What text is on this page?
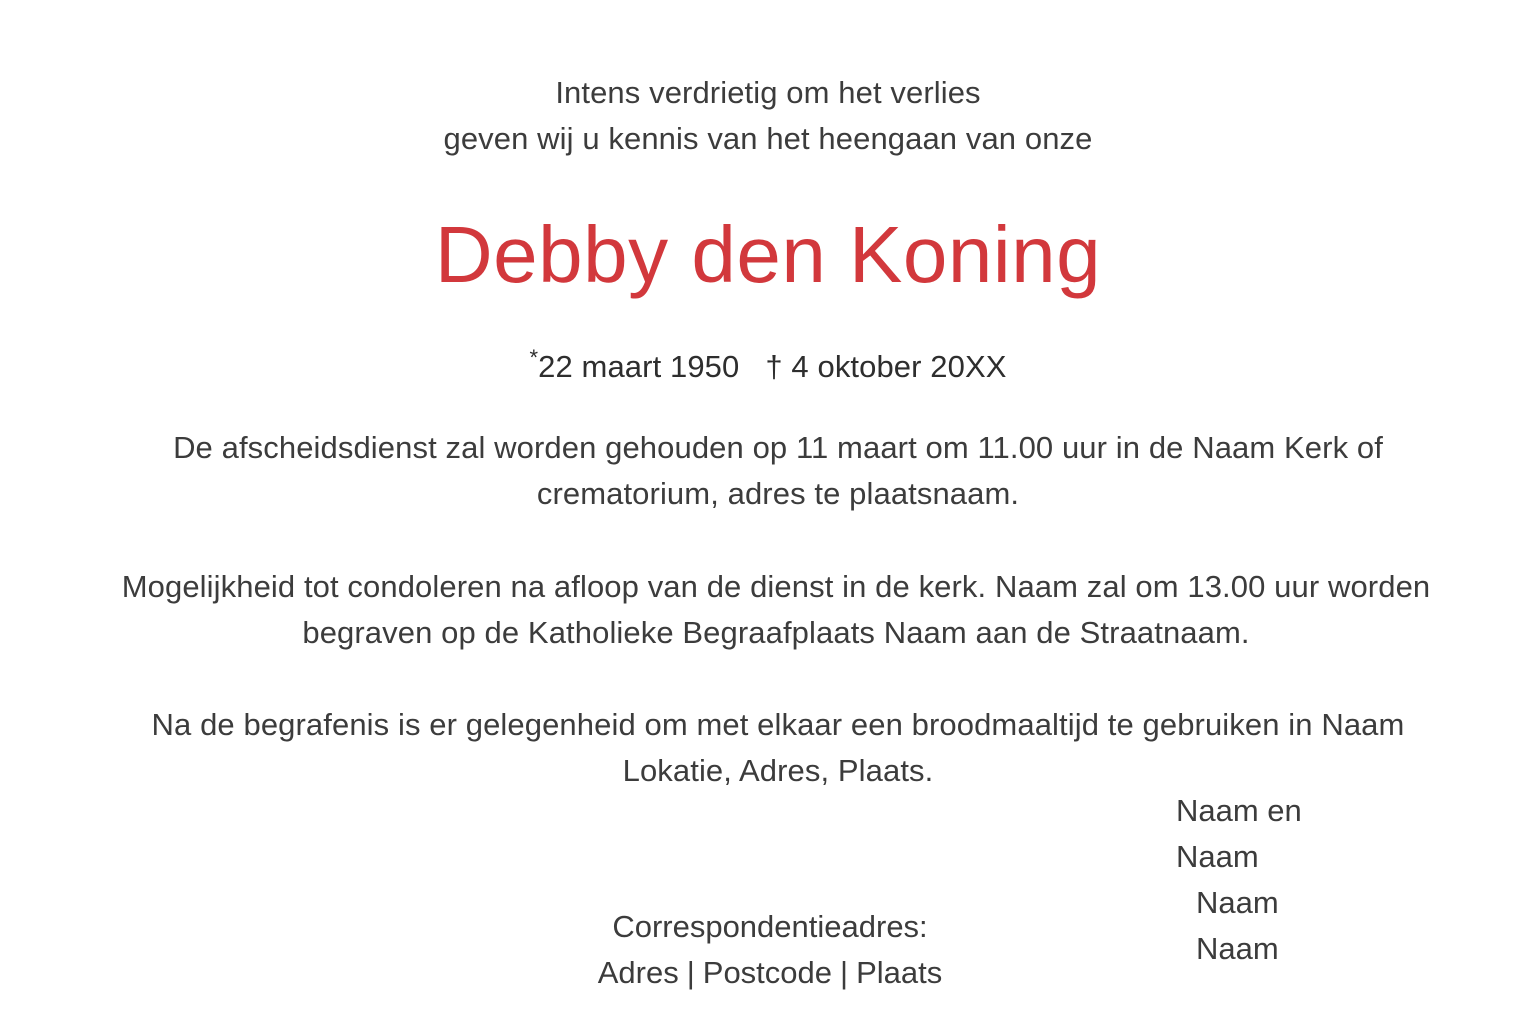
Intens verdrietig om het verlies
geven wij u kennis van het heengaan van onze
Debby den Koning
*22 maart 1950 † 4 oktober 20XX
De afscheidsdienst zal worden gehouden op 11 maart om 11.00 uur in de Naam Kerk of crematorium, adres te plaatsnaam.
Mogelijkheid tot condoleren na afloop van de dienst in de kerk. Naam zal om 13.00 uur worden begraven op de Katholieke Begraafplaats Naam aan de Straatnaam.
Na de begrafenis is er gelegenheid om met elkaar een broodmaaltijd te gebruiken in Naam Lokatie, Adres, Plaats.
Naam en
Naam
Naam
Naam
Correspondentieadres:
Adres | Postcode | Plaats
